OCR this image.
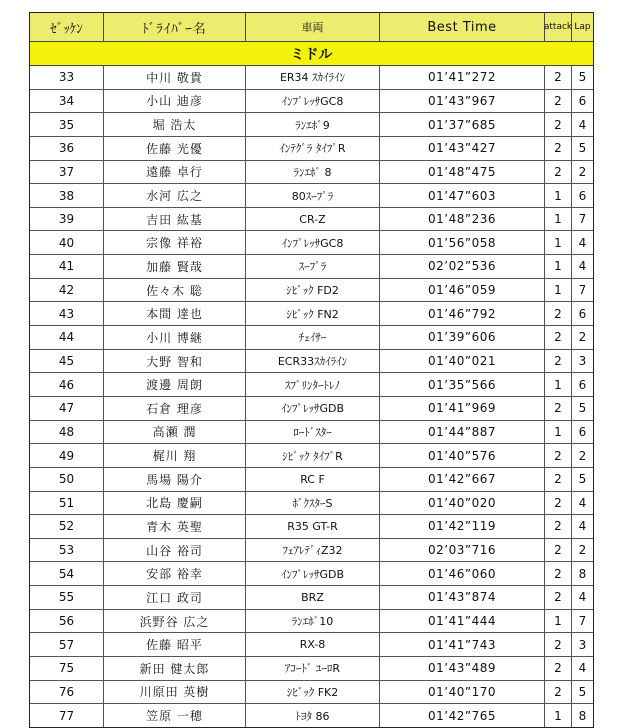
ｾﾞｯｹﾝ	ﾄﾞﾗｲﾊﾞｰ名	車両	Best Time	attack Lap
ミドル
33	中川 敬貴	ER34 ｽｶｲﾗｲﾝ	01’41”272	2	5
34	小山 迪彦	ｲﾝﾌﾟﾚｯｻGC8	01’43”967	2	6
35	堀 浩太	ﾗﾝｴﾎﾞ9	01’37”685	2	4
36	佐藤 光優	ｲﾝﾃｸﾞﾗ ﾀｲﾌﾟR	01’43”427	2	5
37	遠藤 卓行	ﾗﾝｴﾎﾞ 8	01’48”475	2	2
38	水河 広之	80ｽｰﾌﾟﾗ	01’47”603	1	6
39	吉田 紘基	CR-Z	01’48”236	1	7
40	宗像 祥裕	ｲﾝﾌﾟﾚｯｻGC8	01’56”058	1	4
41	加藤 賢哉	ｽｰﾌﾟﾗ	02’02”536	1	4
42	佐々木 聡	ｼﾋﾞｯｸ FD2	01’46”059	1	7
43	本間 達也	ｼﾋﾞｯｸ FN2	01’46”792	2	6
44	小川 博継	ﾁｪｲｻｰ	01’39”606	2	2
45	大野 智和	ECR33ｽｶｲﾗｲﾝ	01’40”021	2	3
46	渡邊 周朗	ｽﾌﾟﾘﾝﾀｰﾄﾚﾉ	01’35”566	1	6
47	石倉 理彦	ｲﾝﾌﾟﾚｯｻGDB	01’41”969	2	5
48	高瀬 潤	ﾛｰﾄﾞｽﾀｰ	01’44”887	1	6
49	梶川 翔	ｼﾋﾞｯｸ ﾀｲﾌﾟR	01’40”576	2	2
50	馬場 陽介	RC F	01’42”667	2	5
51	北島 慶嗣	ﾎﾞｸｽﾀｰS	01’40”020	2	4
52	青木 英聖	R35 GT-R	01’42”119	2	4
53	山谷 裕司	ﾌｪｱﾚﾃﾞｨZ32	02’03”716	2	2
54	安部 裕幸	ｲﾝﾌﾟﾚｯｻGDB	01’46”060	2	8
55	江口 政司	BRZ	01’43”874	2	4
56	浜野谷 広之	ﾗﾝｴﾎﾞ10	01’41”444	1	7
57	佐藤 昭平	RX-8	01’41”743	2	3
75	新田 健太郎	ｱｺｰﾄﾞ ﾕｰﾛR	01’43”489	2	4
76	川原田 英樹	ｼﾋﾞｯｸ FK2	01’40”170	2	5
77	笠原 一穂	ﾄﾖﾀ 86	01’42”765	1	8
